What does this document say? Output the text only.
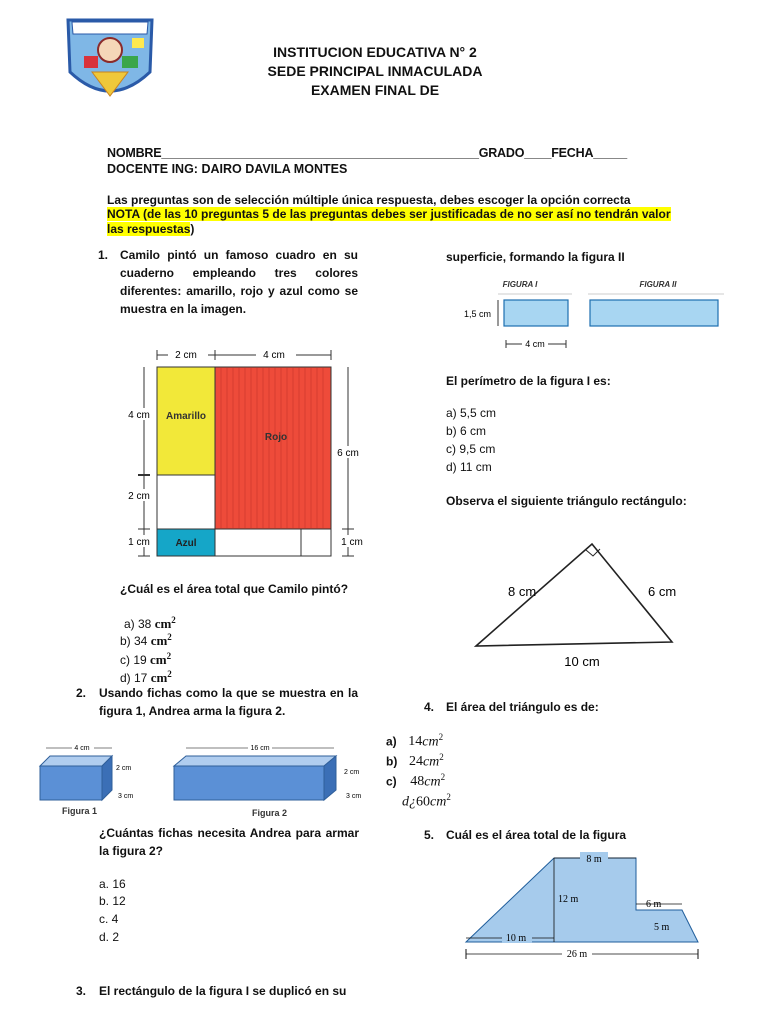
INSTITUCION EDUCATIVA N° 2
SEDE PRINCIPAL INMACULADA
EXAMEN FINAL DE
NOMBRE_______________________________________________GRADO____FECHA_____
DOCENTE ING: DAIRO DAVILA MONTES
Las preguntas son de selección múltiple única respuesta, debes escoger la opción correcta
NOTA (de las 10 preguntas 5 de las preguntas debes ser justificadas de no ser así no tendrán valor las respuestas)
1. Camilo pintó un famoso cuadro en su cuaderno empleando tres colores diferentes: amarillo, rojo y azul como se muestra en la imagen.
2 cm	4 cm
4 cm
2 cm
1 cm
6 cm
1 cm
Amarillo
Rojo
Azul
¿Cuál es el área total que Camilo pintó?
a) 38 $cm^2$
b) 34 $cm^2$
c) 19 $cm^2$
d) 17 $cm^2$
2. Usando fichas como la que se muestra en la figura 1, Andrea arma la figura 2.
4 cm
2 cm
3 cm
Figura 1
16 cm
2 cm
3 cm
Figura 2
¿Cuántas fichas necesita Andrea para armar la figura 2?
a. 16
b. 12
c. 4
d. 2
3. El rectángulo de la figura I se duplicó en su
superficie, formando la figura II
FIGURA I	FIGURA II
1,5 cm
4 cm
El perímetro de la figura I es:
a) 5,5 cm
b) 6 cm
c) 9,5 cm
d) 11 cm
Observa el siguiente triángulo rectángulo:
8 cm	6 cm
10 cm
4. El área del triángulo es de:
a) $14cm^2$
b) $24cm^2$
c) $48cm^2$
$d¿60cm^2$
5. Cuál es el área total de la figura
8 m
12 m	6 m
5 m
10 m
26 m
